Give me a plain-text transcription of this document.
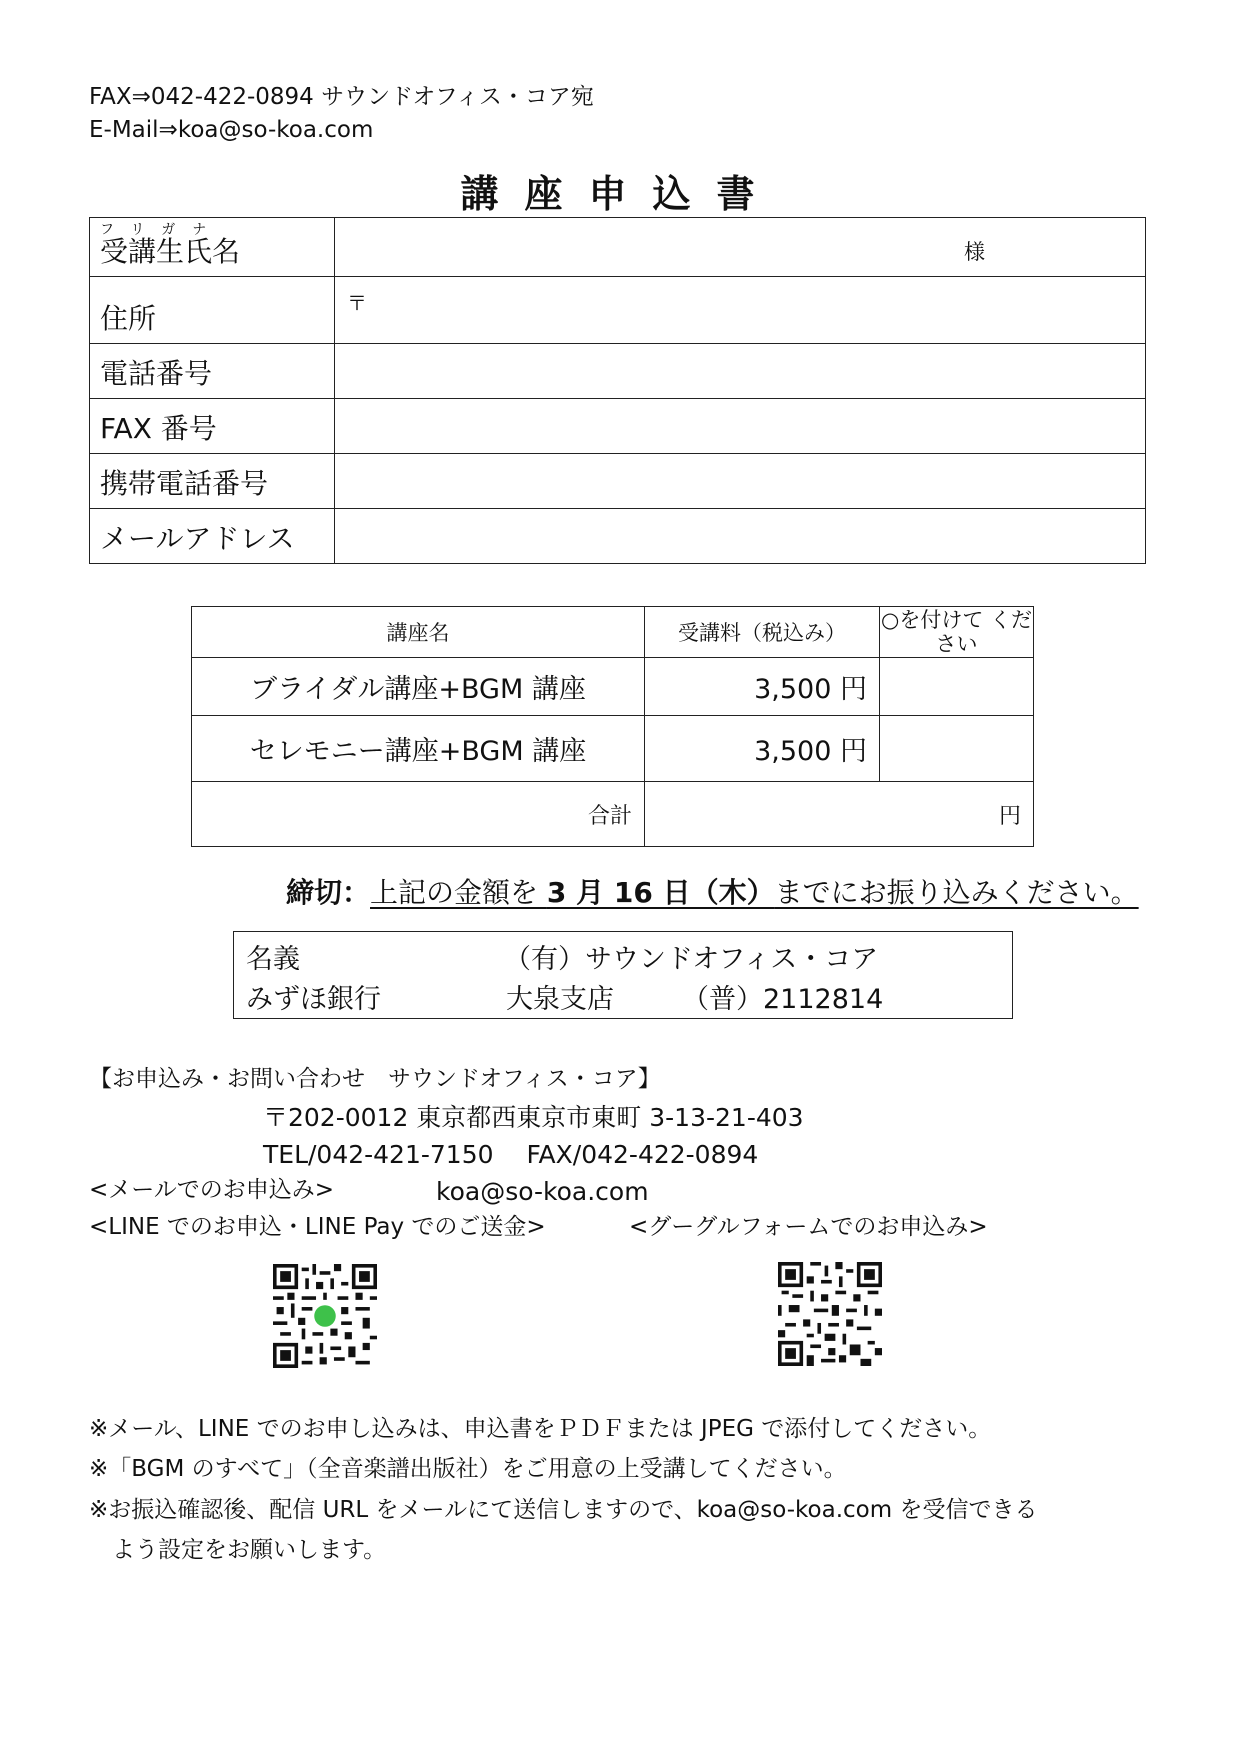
FAX⇒042-422-0894 サウンドオフィス・コア宛
E-Mail⇒koa@so-koa.com
講座申込書
フリガナ
受講生氏名	様

住所	〒

電話番号	
FAX 番号	
携帯電話番号	
メールアドレス	
講座名	受講料（税込み）	○を付けて ください
ブライダル講座+BGM 講座	3,500 円	
セレモニー講座+BGM 講座	3,500 円	
合計	円	
締切：上記の金額を 3 月 16 日（木）までにお振り込みください。
名義	（有）サウンドオフィス・コア
みずほ銀行	大泉支店	（普）2112814
【お申込み・お問い合わせ　サウンドオフィス・コア】
〒202-0012 東京都西東京市東町 3-13-21-403
TEL/042-421-7150　 FAX/042-422-0894
<メールでのお申込み>	koa@so-koa.com
<LINE でのお申込・LINE Pay でのご送金>	<グーグルフォームでのお申込み>
※メール、LINE でのお申し込みは、申込書をＰＤＦまたは JPEG で添付してください。
※「BGM のすべて」（全音楽譜出版社）をご用意の上受講してください。
※お振込確認後、配信 URL をメールにて送信しますので、koa@so-koa.com を受信できる
　よう設定をお願いします。
